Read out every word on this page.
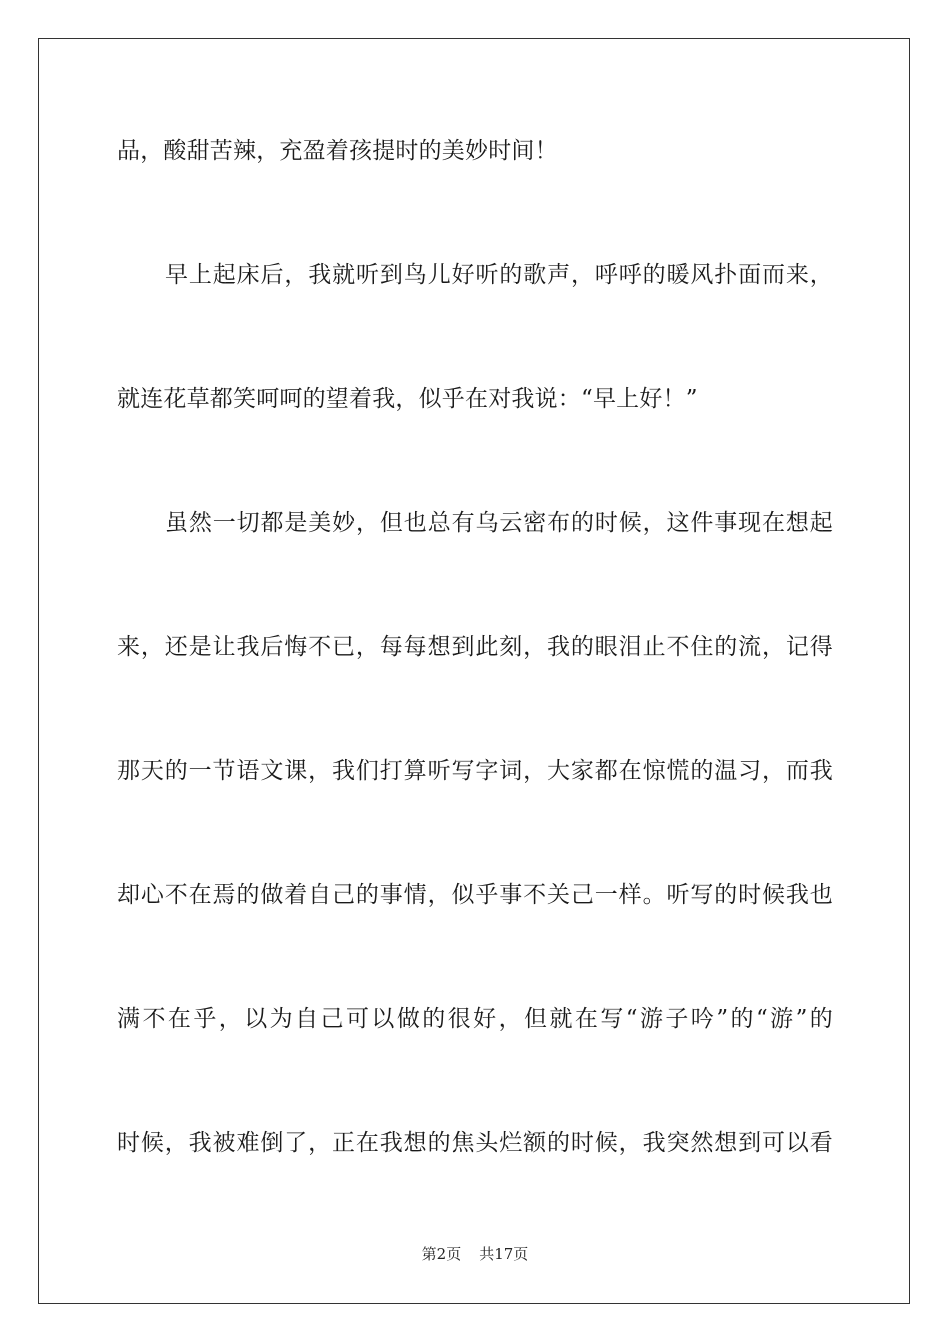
品，酸甜苦辣，充盈着孩提时的美妙时间！
早上起床后，我就听到鸟儿好听的歌声，呼呼的暖风扑面而来，
就连花草都笑呵呵的望着我，似乎在对我说：“早上好！”
虽然一切都是美妙，但也总有乌云密布的时候，这件事现在想起
来，还是让我后悔不已，每每想到此刻，我的眼泪止不住的流，记得
那天的一节语文课，我们打算听写字词，大家都在惊慌的温习，而我
却心不在焉的做着自己的事情，似乎事不关己一样。听写的时候我也
满不在乎，以为自己可以做的很好，但就在写“游子吟”的“游”的
时候，我被难倒了，正在我想的焦头烂额的时候，我突然想到可以看
第2页 共17页
